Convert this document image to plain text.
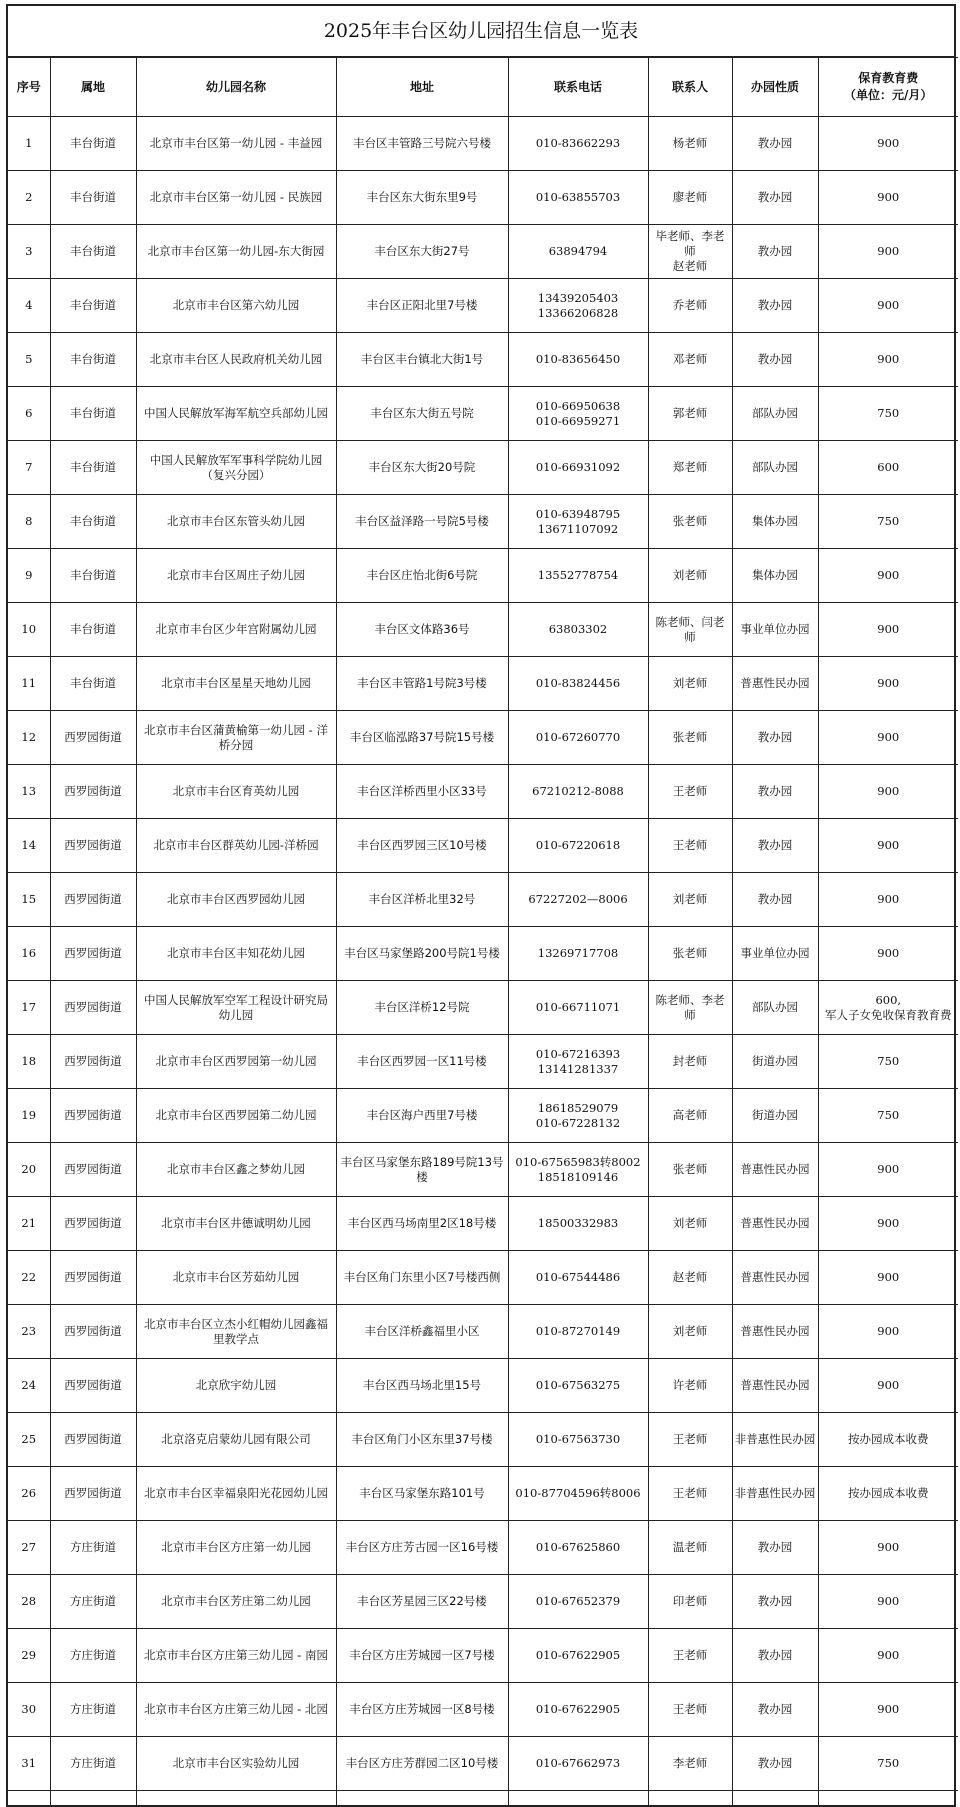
2025年丰台区幼儿园招生信息一览表
序号	属地	幼儿园名称	地址	联系电话	联系人	办园性质	保育教育费
（单位：元/月）
1	丰台街道	北京市丰台区第一幼儿园 - 丰益园	丰台区丰管路三号院六号楼	010-83662293	杨老师	教办园	900
2	丰台街道	北京市丰台区第一幼儿园 - 民族园	丰台区东大街东里9号	010-63855703	廖老师	教办园	900
3	丰台街道	北京市丰台区第一幼儿园-东大街园	丰台区东大街27号	63894794	毕老师、李老师
赵老师	教办园	900
4	丰台街道	北京市丰台区第六幼儿园	丰台区正阳北里7号楼	13439205403
13366206828	乔老师	教办园	900
5	丰台街道	北京市丰台区人民政府机关幼儿园	丰台区丰台镇北大街1号	010-83656450	邓老师	教办园	900
6	丰台街道	中国人民解放军海军航空兵部幼儿园	丰台区东大街五号院	010-66950638
010-66959271	郭老师	部队办园	750
7	丰台街道	中国人民解放军军事科学院幼儿园（复兴分园）	丰台区东大街20号院	010-66931092	郑老师	部队办园	600
8	丰台街道	北京市丰台区东管头幼儿园	丰台区益泽路一号院5号楼	010-63948795
13671107092	张老师	集体办园	750
9	丰台街道	北京市丰台区周庄子幼儿园	丰台区庄怡北街6号院	13552778754	刘老师	集体办园	900
10	丰台街道	北京市丰台区少年宫附属幼儿园	丰台区文体路36号	63803302	陈老师、闫老师	事业单位办园	900
11	丰台街道	北京市丰台区星星天地幼儿园	丰台区丰管路1号院3号楼	010-83824456	刘老师	普惠性民办园	900
12	西罗园街道	北京市丰台区蒲黄榆第一幼儿园 - 洋桥分园	丰台区临泓路37号院15号楼	010-67260770	张老师	教办园	900
13	西罗园街道	北京市丰台区育英幼儿园	丰台区洋桥西里小区33号	67210212-8088	王老师	教办园	900
14	西罗园街道	北京市丰台区群英幼儿园-洋桥园	丰台区西罗园三区10号楼	010-67220618	王老师	教办园	900
15	西罗园街道	北京市丰台区西罗园幼儿园	丰台区洋桥北里32号	67227202—8006	刘老师	教办园	900
16	西罗园街道	北京市丰台区丰知花幼儿园	丰台区马家堡路200号院1号楼	13269717708	张老师	事业单位办园	900
17	西罗园街道	中国人民解放军空军工程设计研究局幼儿园	丰台区洋桥12号院	010-66711071	陈老师、李老师	部队办园	600,
军人子女免收保育教育费
18	西罗园街道	北京市丰台区西罗园第一幼儿园	丰台区西罗园一区11号楼	010-67216393
13141281337	封老师	街道办园	750
19	西罗园街道	北京市丰台区西罗园第二幼儿园	丰台区海户西里7号楼	18618529079
010-67228132	高老师	街道办园	750
20	西罗园街道	北京市丰台区鑫之梦幼儿园	丰台区马家堡东路189号院13号楼	010-67565983转8002
18518109146	张老师	普惠性民办园	900
21	西罗园街道	北京市丰台区井德诚明幼儿园	丰台区西马场南里2区18号楼	18500332983	刘老师	普惠性民办园	900
22	西罗园街道	北京市丰台区芳茹幼儿园	丰台区角门东里小区7号楼西侧	010-67544486	赵老师	普惠性民办园	900
23	西罗园街道	北京市丰台区立杰小红帽幼儿园鑫福里教学点	丰台区洋桥鑫福里小区	010-87270149	刘老师	普惠性民办园	900
24	西罗园街道	北京欣宇幼儿园	丰台区西马场北里15号	010-67563275	许老师	普惠性民办园	900
25	西罗园街道	北京洛克启蒙幼儿园有限公司	丰台区角门小区东里37号楼	010-67563730	王老师	非普惠性民办园	按办园成本收费
26	西罗园街道	北京市丰台区幸福泉阳光花园幼儿园	丰台区马家堡东路101号	010-87704596转8006	王老师	非普惠性民办园	按办园成本收费
27	方庄街道	北京市丰台区方庄第一幼儿园	丰台区方庄芳古园一区16号楼	010-67625860	温老师	教办园	900
28	方庄街道	北京市丰台区芳庄第二幼儿园	丰台区芳星园三区22号楼	010-67652379	印老师	教办园	900
29	方庄街道	北京市丰台区方庄第三幼儿园 - 南园	丰台区方庄芳城园一区7号楼	010-67622905	王老师	教办园	900
30	方庄街道	北京市丰台区方庄第三幼儿园 - 北园	丰台区方庄芳城园一区8号楼	010-67622905	王老师	教办园	900
31	方庄街道	北京市丰台区实验幼儿园	丰台区方庄芳群园二区10号楼	010-67662973	李老师	教办园	750
